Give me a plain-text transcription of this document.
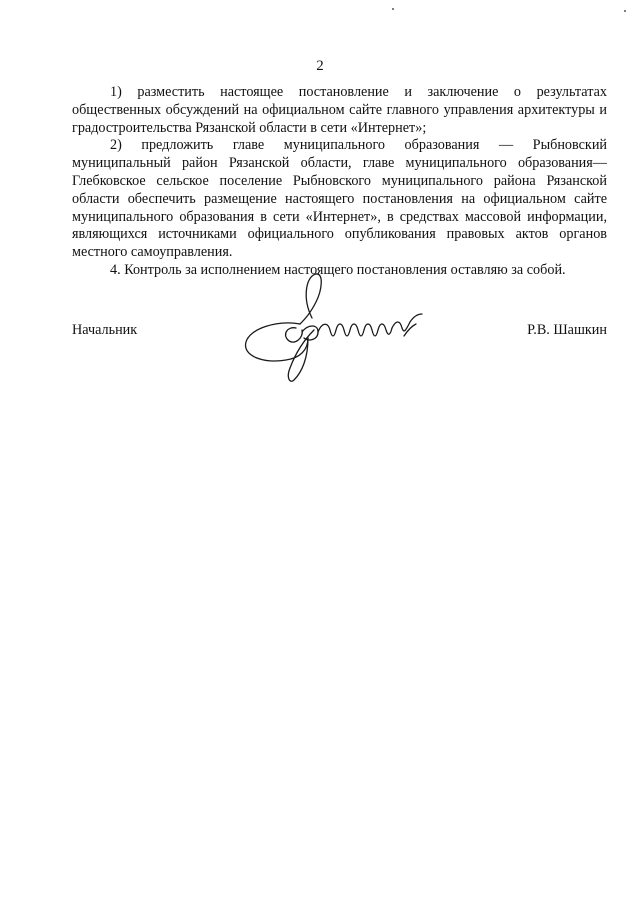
2

1) разместить настоящее постановление и заключение о результатах общественных обсуждений на официальном сайте главного управления архитектуры и градостроительства Рязанской области в сети «Интернет»;

2) предложить главе муниципального образования — Рыбновский муниципальный район Рязанской области, главе муниципального образования— Глебковское сельское поселение Рыбновского муниципального района Рязанской области обеспечить размещение настоящего постановления на официальном сайте муниципального образования в сети «Интернет», в средствах массовой информации, являющихся источниками официального опубликования правовых актов органов местного самоуправления.

4. Контроль за исполнением настоящего постановления оставляю за собой.

Начальник	Р.В. Шашкин
